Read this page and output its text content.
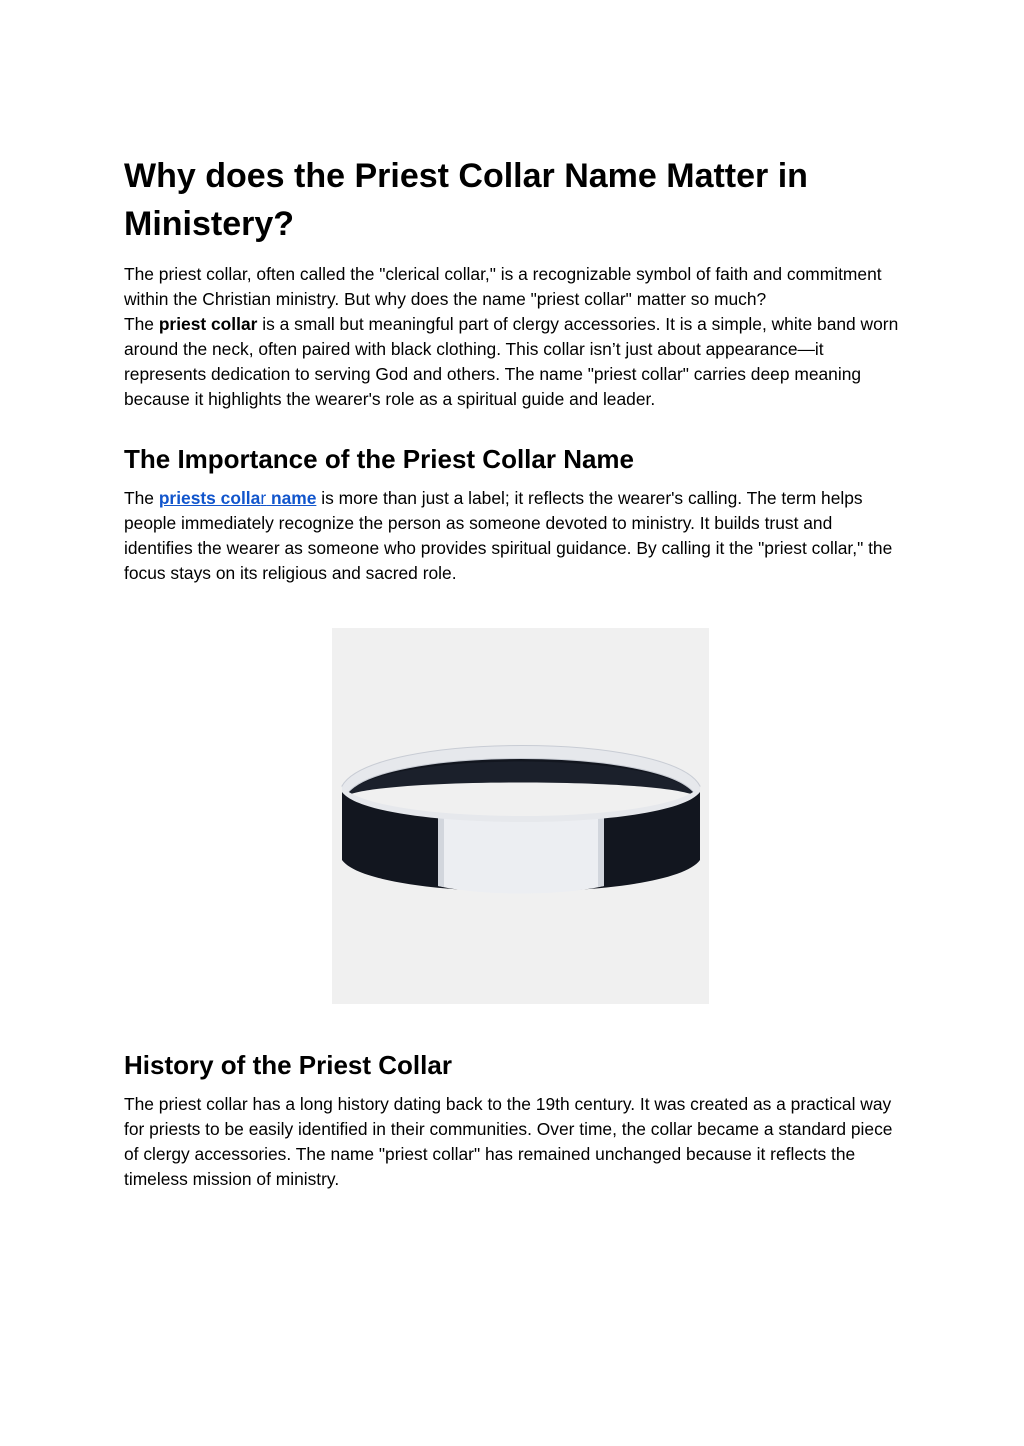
Why does the Priest Collar Name Matter in Ministery?

The priest collar, often called the "clerical collar," is a recognizable symbol of faith and commitment within the Christian ministry. But why does the name "priest collar" matter so much?

The priest collar is a small but meaningful part of clergy accessories. It is a simple, white band worn around the neck, often paired with black clothing. This collar isn’t just about appearance—it represents dedication to serving God and others. The name "priest collar" carries deep meaning because it highlights the wearer's role as a spiritual guide and leader.

The Importance of the Priest Collar Name

The priests collar name is more than just a label; it reflects the wearer's calling. The term helps people immediately recognize the person as someone devoted to ministry. It builds trust and identifies the wearer as someone who provides spiritual guidance. By calling it the "priest collar," the focus stays on its religious and sacred role.

History of the Priest Collar

The priest collar has a long history dating back to the 19th century. It was created as a practical way for priests to be easily identified in their communities. Over time, the collar became a standard piece of clergy accessories. The name "priest collar" has remained unchanged because it reflects the timeless mission of ministry.
